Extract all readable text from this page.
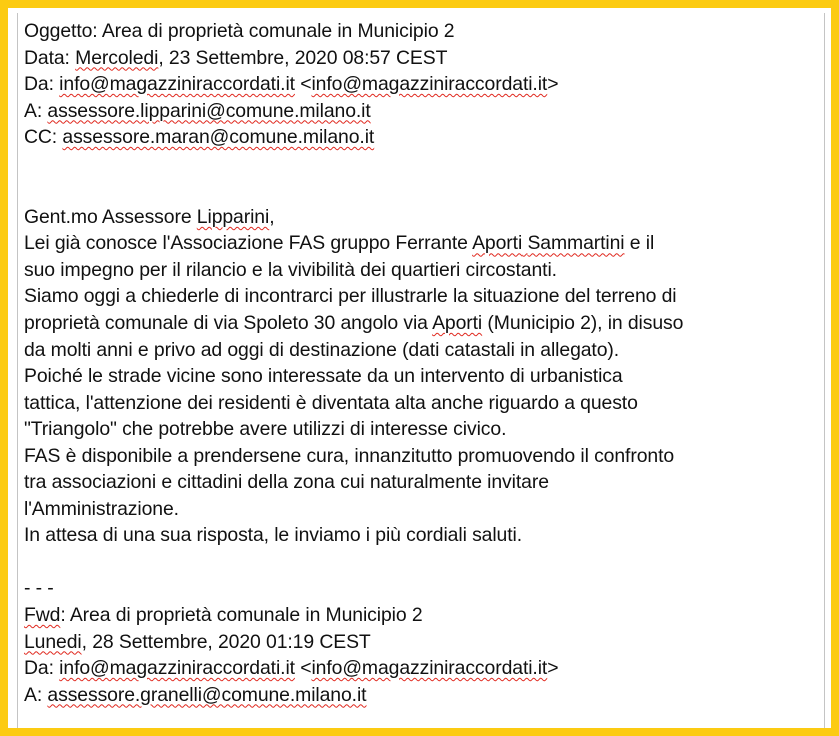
Oggetto: Area di proprietà comunale in Municipio 2
Data: Mercoledi, 23 Settembre, 2020 08:57 CEST
Da: info@magazziniraccordati.it <info@magazziniraccordati.it>
A: assessore.lipparini@comune.milano.it
CC: assessore.maran@comune.milano.it
Gent.mo Assessore Lipparini,
Lei già conosce l'Associazione FAS gruppo Ferrante Aporti Sammartini e il
suo impegno per il rilancio e la vivibilità dei quartieri circostanti.
Siamo oggi a chiederle di incontrarci per illustrarle la situazione del terreno di
proprietà comunale di via Spoleto 30 angolo via Aporti (Municipio 2), in disuso
da molti anni e privo ad oggi di destinazione (dati catastali in allegato).
Poiché le strade vicine sono interessate da un intervento di urbanistica
tattica, l'attenzione dei residenti è diventata alta anche riguardo a questo
"Triangolo" che potrebbe avere utilizzi di interesse civico.
FAS è disponibile a prendersene cura, innanzitutto promuovendo il confronto
tra associazioni e cittadini della zona cui naturalmente invitare
l'Amministrazione.
In attesa di una sua risposta, le inviamo i più cordiali saluti.
- - -
Fwd: Area di proprietà comunale in Municipio 2
Lunedi, 28 Settembre, 2020 01:19 CEST
Da: info@magazziniraccordati.it <info@magazziniraccordati.it>
A: assessore.granelli@comune.milano.it
